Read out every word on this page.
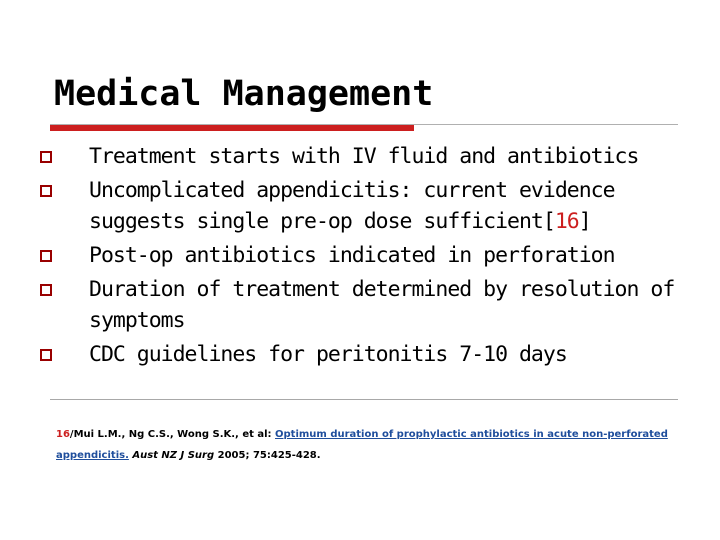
Medical Management
Treatment starts with IV fluid and antibiotics
Uncomplicated appendicitis: current evidence suggests single pre-op dose sufficient[16]
Post-op antibiotics indicated in perforation
Duration of treatment determined by resolution of symptoms
CDC guidelines for peritonitis 7-10 days
16/Mui L.M., Ng C.S., Wong S.K., et al: Optimum duration of prophylactic antibiotics in acute non-perforated appendicitis. Aust NZ J Surg 2005; 75:425-428.
